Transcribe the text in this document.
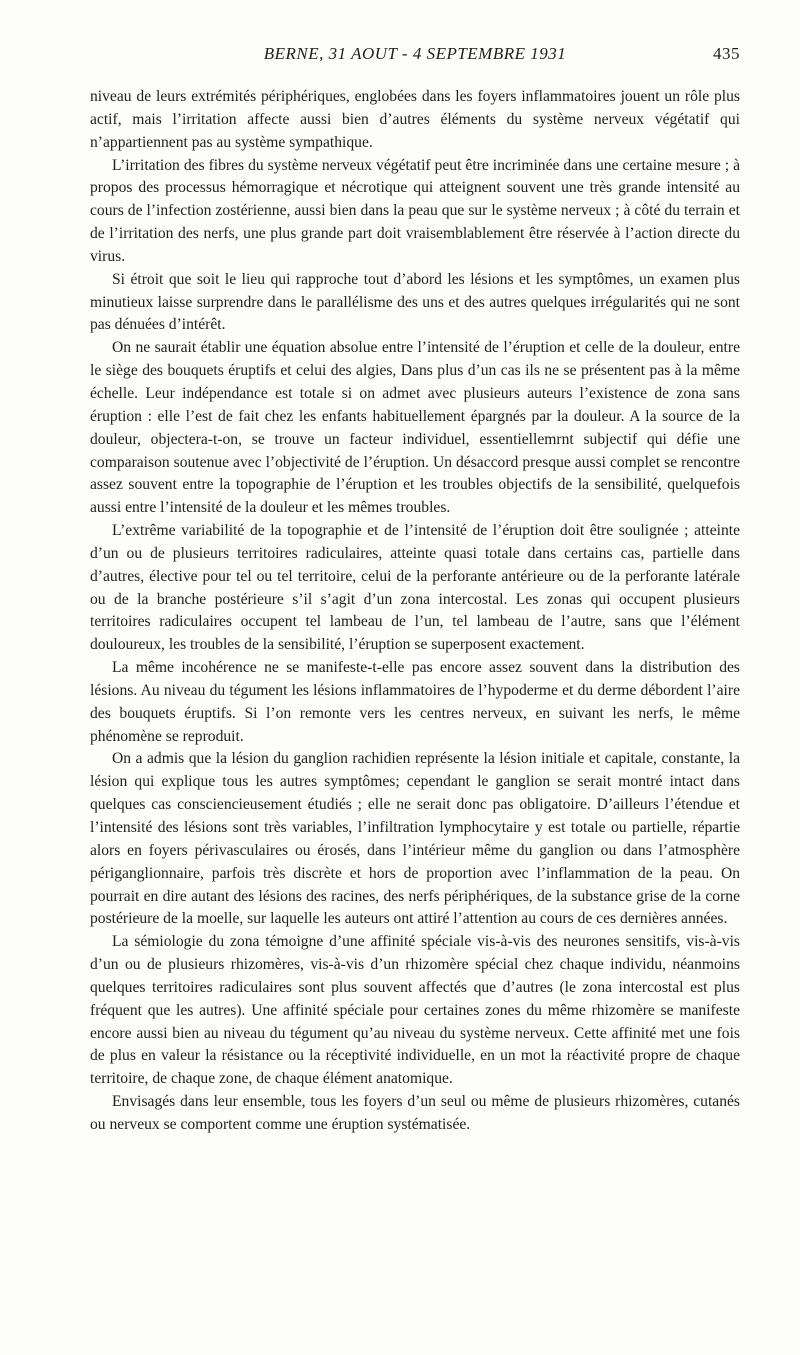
BERNE, 31 AOUT - 4 SEPTEMBRE 1931	435

niveau de leurs extrémités périphériques, englobées dans les foyers inflammatoires jouent un rôle plus actif, mais l’irritation affecte aussi bien d’autres éléments du système nerveux végétatif qui n’appartiennent pas au système sympathique.

L’irritation des fibres du système nerveux végétatif peut être incriminée dans une certaine mesure ; à propos des processus hémorragique et nécrotique qui atteignent souvent une très grande intensité au cours de l’infection zostérienne, aussi bien dans la peau que sur le système nerveux ; à côté du terrain et de l’irritation des nerfs, une plus grande part doit vraisemblablement être réservée à l’action directe du virus.

Si étroit que soit le lieu qui rapproche tout d’abord les lésions et les symptômes, un examen plus minutieux laisse surprendre dans le parallélisme des uns et des autres quelques irrégularités qui ne sont pas dénuées d’intérêt.

On ne saurait établir une équation absolue entre l’intensité de l’éruption et celle de la douleur, entre le siège des bouquets éruptifs et celui des algies, Dans plus d’un cas ils ne se présentent pas à la même échelle. Leur indépendance est totale si on admet avec plusieurs auteurs l’existence de zona sans éruption : elle l’est de fait chez les enfants habituellement épargnés par la douleur. A la source de la douleur, objectera-t-on, se trouve un facteur individuel, essentiellemrnt subjectif qui défie une comparaison soutenue avec l’objectivité de l’éruption. Un désaccord presque aussi complet se rencontre assez souvent entre la topographie de l’éruption et les troubles objectifs de la sensibilité, quelquefois aussi entre l’intensité de la douleur et les mêmes troubles.

L’extrême variabilité de la topographie et de l’intensité de l’éruption doit être soulignée ; atteinte d’un ou de plusieurs territoires radiculaires, atteinte quasi totale dans certains cas, partielle dans d’autres, élective pour tel ou tel territoire, celui de la perforante antérieure ou de la perforante latérale ou de la branche postérieure s’il s’agit d’un zona intercostal. Les zonas qui occupent plusieurs territoires radiculaires occupent tel lambeau de l’un, tel lambeau de l’autre, sans que l’élément douloureux, les troubles de la sensibilité, l’éruption se superposent exactement.

La même incohérence ne se manifeste-t-elle pas encore assez souvent dans la distribution des lésions. Au niveau du tégument les lésions inflammatoires de l’hypoderme et du derme débordent l’aire des bouquets éruptifs. Si l’on remonte vers les centres nerveux, en suivant les nerfs, le même phénomène se reproduit.

On a admis que la lésion du ganglion rachidien représente la lésion initiale et capitale, constante, la lésion qui explique tous les autres symptômes; cependant le ganglion se serait montré intact dans quelques cas consciencieusement étudiés ; elle ne serait donc pas obligatoire. D’ailleurs l’étendue et l’intensité des lésions sont très variables, l’infiltration lymphocytaire y est totale ou partielle, répartie alors en foyers périvasculaires ou érosés, dans l’intérieur même du ganglion ou dans l’atmosphère périganglionnaire, parfois très discrète et hors de proportion avec l’inflammation de la peau. On pourrait en dire autant des lésions des racines, des nerfs périphériques, de la substance grise de la corne postérieure de la moelle, sur laquelle les auteurs ont attiré l’attention au cours de ces dernières années.

La sémiologie du zona témoigne d’une affinité spéciale vis-à-vis des neurones sensitifs, vis-à-vis d’un ou de plusieurs rhizomères, vis-à-vis d’un rhizomère spécial chez chaque individu, néanmoins quelques territoires radiculaires sont plus souvent affectés que d’autres (le zona intercostal est plus fréquent que les autres). Une affinité spéciale pour certaines zones du même rhizomère se manifeste encore aussi bien au niveau du tégument qu’au niveau du système nerveux. Cette affinité met une fois de plus en valeur la résistance ou la réceptivité individuelle, en un mot la réactivité propre de chaque territoire, de chaque zone, de chaque élément anatomique.

Envisagés dans leur ensemble, tous les foyers d’un seul ou même de plusieurs rhizomères, cutanés ou nerveux se comportent comme une éruption systématisée.
